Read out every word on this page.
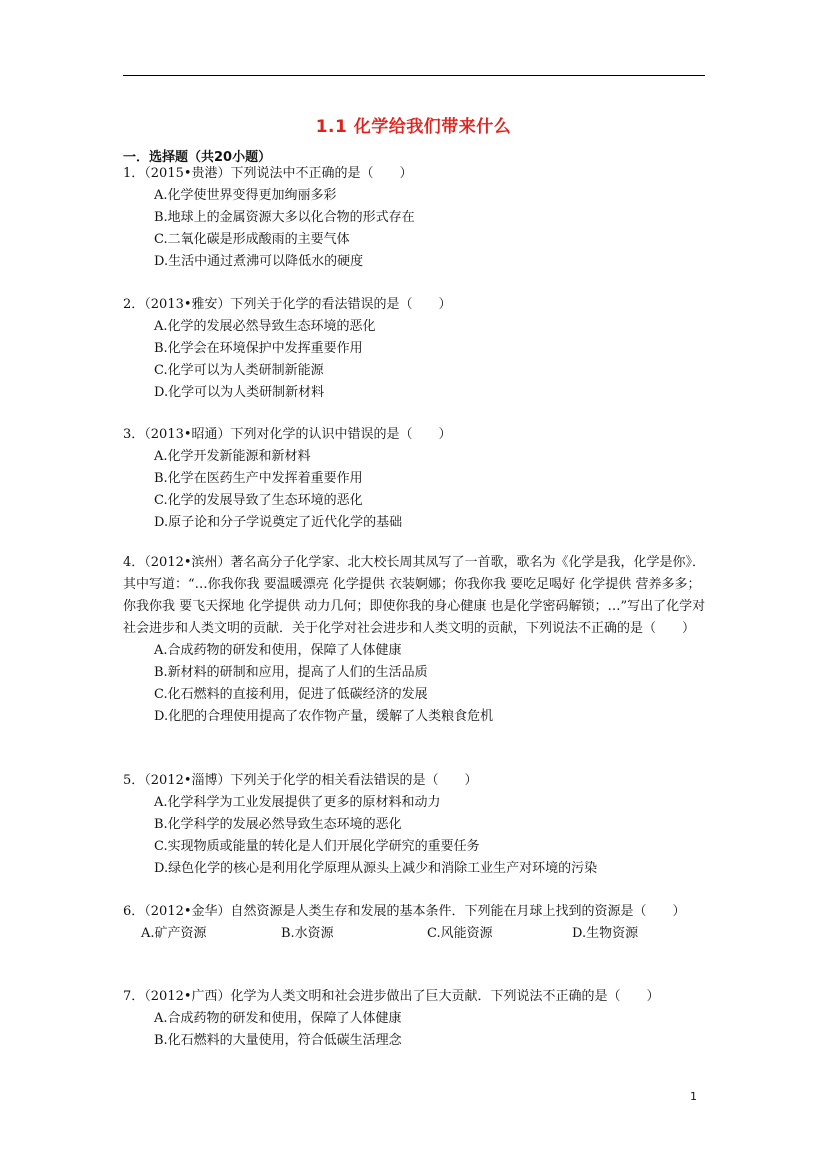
1.1 化学给我们带来什么
一．选择题（共20小题）
1．（2015•贵港）下列说法中不正确的是（　　）
A.化学使世界变得更加绚丽多彩
B.地球上的金属资源大多以化合物的形式存在
C.二氧化碳是形成酸雨的主要气体
D.生活中通过煮沸可以降低水的硬度
2．（2013•雅安）下列关于化学的看法错误的是（　　）
A.化学的发展必然导致生态环境的恶化
B.化学会在环境保护中发挥重要作用
C.化学可以为人类研制新能源
D.化学可以为人类研制新材料
3．（2013•昭通）下列对化学的认识中错误的是（　　）
A.化学开发新能源和新材料
B.化学在医药生产中发挥着重要作用
C.化学的发展导致了生态环境的恶化
D.原子论和分子学说奠定了近代化学的基础
4．（2012•滨州）著名高分子化学家、北大校长周其凤写了一首歌，歌名为《化学是我，化学是你》．其中写道：“…你我你我 要温暖漂亮 化学提供 衣装婀娜；你我你我 要吃足喝好 化学提供 营养多多；你我你我 要飞天探地 化学提供 动力几何；即使你我的身心健康 也是化学密码解锁；…”写出了化学对社会进步和人类文明的贡献．关于化学对社会进步和人类文明的贡献，下列说法不正确的是（　　）
A.合成药物的研发和使用，保障了人体健康
B.新材料的研制和应用，提高了人们的生活品质
C.化石燃料的直接利用，促进了低碳经济的发展
D.化肥的合理使用提高了农作物产量，缓解了人类粮食危机
5．（2012•淄博）下列关于化学的相关看法错误的是（　　）
A.化学科学为工业发展提供了更多的原材料和动力
B.化学科学的发展必然导致生态环境的恶化
C.实现物质或能量的转化是人们开展化学研究的重要任务
D.绿色化学的核心是利用化学原理从源头上减少和消除工业生产对环境的污染
6．（2012•金华）自然资源是人类生存和发展的基本条件．下列能在月球上找到的资源是（　　）
A.矿产资源	B.水资源	C.风能资源	D.生物资源
7．（2012•广西）化学为人类文明和社会进步做出了巨大贡献．下列说法不正确的是（　　）
A.合成药物的研发和使用，保障了人体健康
B.化石燃料的大量使用，符合低碳生活理念
1
